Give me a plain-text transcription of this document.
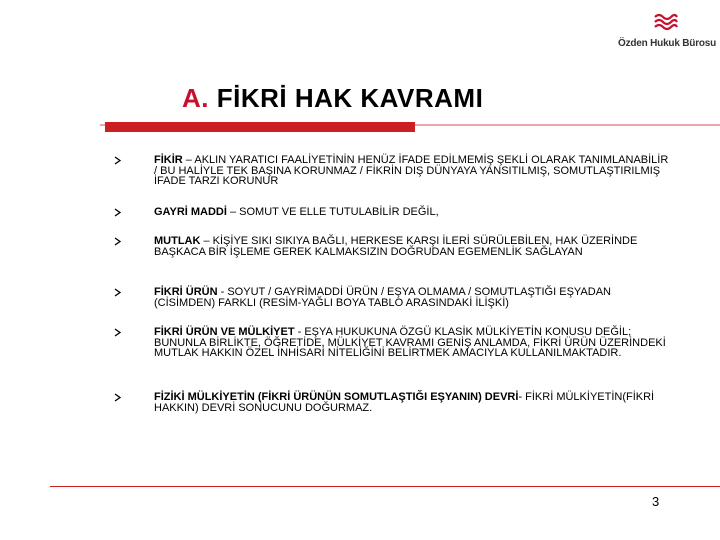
Özden Hukuk Bürosu
A. FİKRİ HAK KAVRAMI
FİKİR – AKLIN YARATICI FAALİYETİNİN HENÜZ İFADE EDİLMEMİŞ ŞEKLİ OLARAK TANIMLANABİLİR / BU HALİYLE TEK BAŞINA KORUNMAZ / FİKRİN DIŞ DÜNYAYA YANSITILMIŞ, SOMUTLAŞTIRILMIŞ İFADE TARZI KORUNUR
GAYRİ MADDİ – SOMUT VE ELLE TUTULABİLİR DEĞİL,
MUTLAK – KİŞİYE SIKI SIKIYA BAĞLI, HERKESE KARŞI İLERİ SÜRÜLEBİLEN, HAK ÜZERİNDE BAŞKACA BİR İŞLEME GEREK KALMAKSIZIN DOĞRUDAN EGEMENLİK SAĞLAYAN
FİKRİ ÜRÜN - SOYUT / GAYRİMADDİ ÜRÜN / EŞYA OLMAMA / SOMUTLAŞTIĞI EŞYADAN (CİSİMDEN) FARKLI (RESİM-YAĞLI BOYA TABLO ARASINDAKİ İLİŞKİ)
FİKRİ ÜRÜN VE MÜLKİYET - EŞYA HUKUKUNA ÖZGÜ KLASİK MÜLKİYETİN KONUSU DEĞİL; BUNUNLA BİRLİKTE, ÖĞRETİDE, MÜLKİYET KAVRAMI GENİŞ ANLAMDA, FİKRİ ÜRÜN ÜZERİNDEKİ MUTLAK HAKKIN ÖZEL İNHİSARİ NİTELİĞİNİ BELİRTMEK AMACIYLA KULLANILMAKTADIR.
FİZİKİ MÜLKİYETİN (FİKRİ ÜRÜNÜN SOMUTLAŞTIĞI EŞYANIN) DEVRİ- FİKRİ MÜLKİYETİN(FİKRİ HAKKIN) DEVRİ SONUCUNU DOĞURMAZ.
3
